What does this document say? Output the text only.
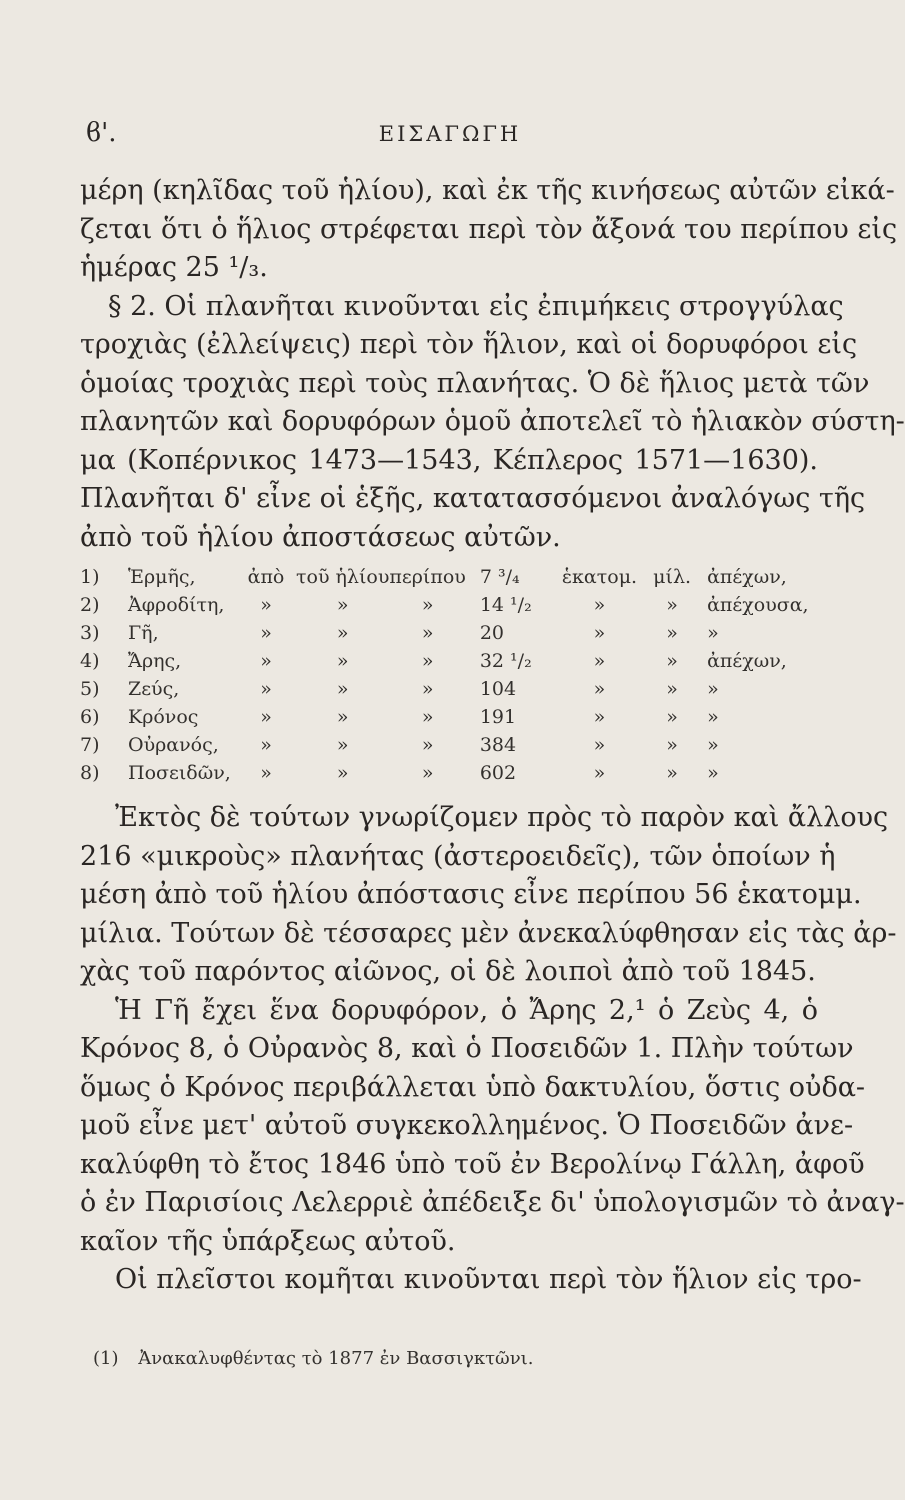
ϐ'.	ΕΙΣΑΓΩΓΗ
μέρη (κηλῖδας τοῦ ἡλίου), καὶ ἐκ τῆς κινήσεως αὐτῶν εἰκά-
ζεται ὅτι ὁ ἥλιος στρέφεται περὶ τὸν ἄξονά του περίπου εἰς
ἡμέρας 25 ¹/₃.
§ 2. Οἱ πλανῆται κινοῦνται εἰς ἐπιμήκεις στρογγύλας
τροχιὰς (ἐλλείψεις) περὶ τὸν ἥλιον, καὶ οἱ δορυφόροι εἰς
ὁμοίας τροχιὰς περὶ τοὺς πλανήτας. Ὁ δὲ ἥλιος μετὰ τῶν
πλανητῶν καὶ δορυφόρων ὁμοῦ ἀποτελεῖ τὸ ἡλιακὸν σύστη-
μα (Κοπέρνικος 1473—1543, Κέπλερος 1571—1630).
Πλανῆται δ' εἶνε οἱ ἑξῆς, κατατασσόμενοι ἀναλόγως τῆς
ἀπὸ τοῦ ἡλίου ἀποστάσεως αὐτῶν.
1)	Ἑρμῆς,	ἀπὸ	τοῦ ἡλίου	περίπου	7 ³/₄	ἑκατομ.	μίλ.	ἀπέχων,
2)	Ἀφροδίτη,	»	»	»	14 ¹/₂	»	»	ἀπέχουσα,
3)	Γῆ,	»	»	»	20	»	»	»
4)	Ἄρης,	»	»	»	32 ¹/₂	»	»	ἀπέχων,
5)	Ζεύς,	»	»	»	104	»	»	»
6)	Κρόνος	»	»	»	191	»	»	»
7)	Οὐρανός,	»	»	»	384	»	»	»
8)	Ποσειδῶν,	»	»	»	602	»	»	»
Ἐκτὸς δὲ τούτων γνωρίζομεν πρὸς τὸ παρὸν καὶ ἄλλους
216 «μικροὺς» πλανήτας (ἀστεροειδεῖς), τῶν ὁποίων ἡ
μέση ἀπὸ τοῦ ἡλίου ἀπόστασις εἶνε περίπου 56 ἑκατομμ.
μίλια. Τούτων δὲ τέσσαρες μὲν ἀνεκαλύφθησαν εἰς τὰς ἀρ-
χὰς τοῦ παρόντος αἰῶνος, οἱ δὲ λοιποὶ ἀπὸ τοῦ 1845.
Ἡ Γῆ ἔχει ἕνα δορυφόρον, ὁ Ἄρης 2,¹ ὁ Ζεὺς 4, ὁ
Κρόνος 8, ὁ Οὐρανὸς 8, καὶ ὁ Ποσειδῶν 1. Πλὴν τούτων
ὅμως ὁ Κρόνος περιβάλλεται ὑπὸ δακτυλίου, ὅστις οὐδα-
μοῦ εἶνε μετ' αὐτοῦ συγκεκολλημένος. Ὁ Ποσειδῶν ἀνε-
καλύφθη τὸ ἔτος 1846 ὑπὸ τοῦ ἐν Βερολίνῳ Γάλλη, ἀφοῦ
ὁ ἐν Παρισίοις Λελερριὲ ἀπέδειξε δι' ὑπολογισμῶν τὸ ἀναγ-
καῖον τῆς ὑπάρξεως αὐτοῦ.
Οἱ πλεῖστοι κομῆται κινοῦνται περὶ τὸν ἥλιον εἰς τρο-
(1) Ἀνακαλυφθέντας τὸ 1877 ἐν Βασσιγκτῶνι.
